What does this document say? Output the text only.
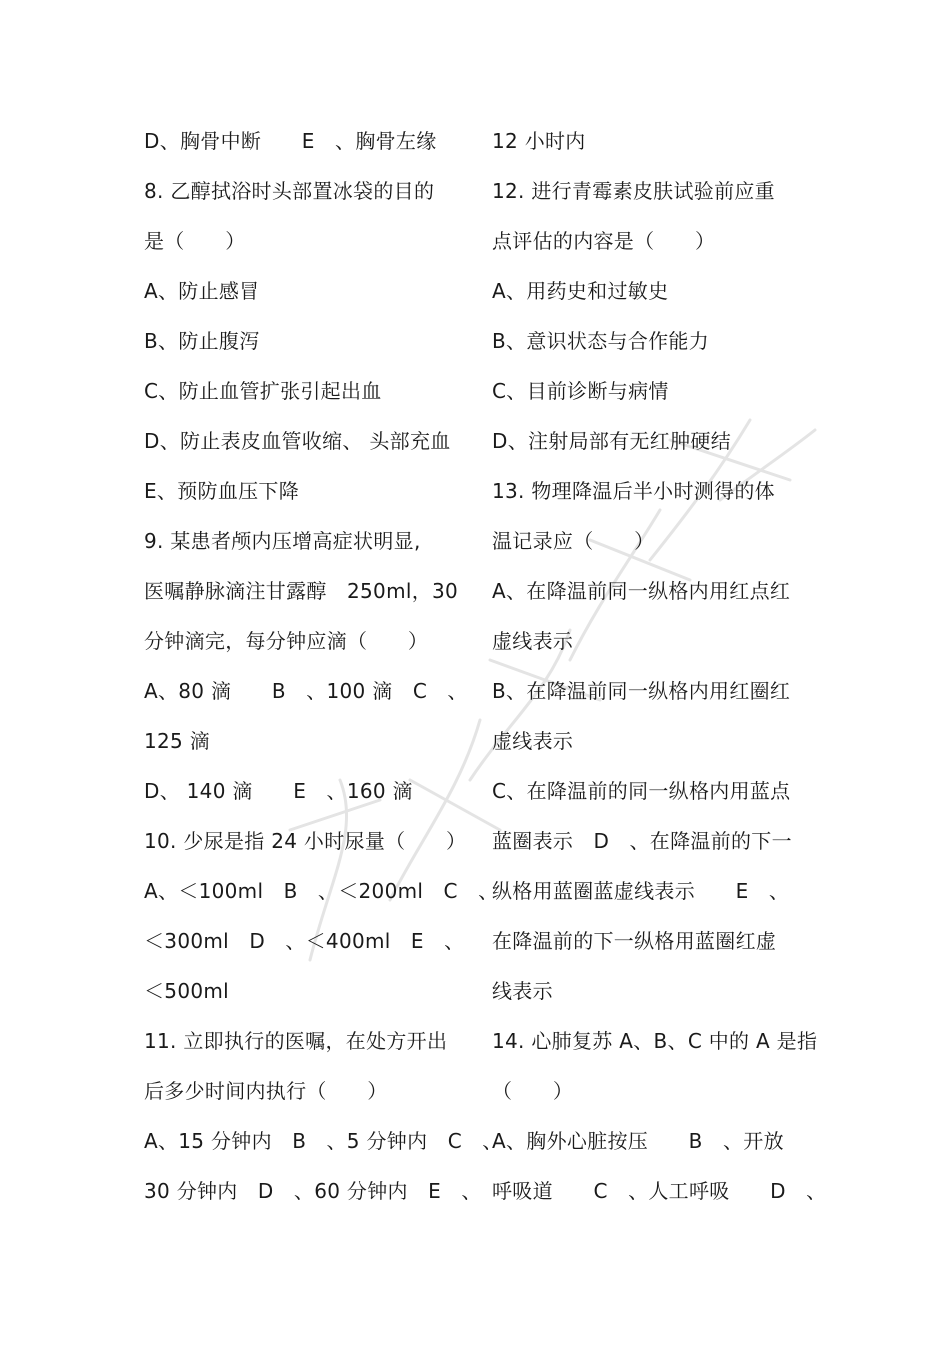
D、胸骨中断　　E　、胸骨左缘
8. 乙醇拭浴时头部置冰袋的目的
是（　　）
A、防止感冒
B、防止腹泻
C、防止血管扩张引起出血
D、防止表皮血管收缩、 头部充血
E、预防血压下降
9. 某患者颅内压增高症状明显,
医嘱静脉滴注甘露醇　250ml，30
分钟滴完，每分钟应滴（　　）
A、80 滴　　B　、100 滴　C　、
125 滴
D、 140 滴　　E　、160 滴
10. 少尿是指 24 小时尿量（　　）
A、＜100ml　B　、＜200ml　C　、
＜300ml　D　、＜400ml　E　、
＜500ml
11. 立即执行的医嘱，在处方开出
后多少时间内执行（　　）
A、15 分钟内　B　、5 分钟内　C　、
30 分钟内　D　、60 分钟内　E　、
12 小时内
12. 进行青霉素皮肤试验前应重
点评估的内容是（　　）
A、用药史和过敏史
B、意识状态与合作能力
C、目前诊断与病情
D、注射局部有无红肿硬结
13. 物理降温后半小时测得的体
温记录应（　　）
A、在降温前同一纵格内用红点红
虚线表示
B、在降温前同一纵格内用红圈红
虚线表示
C、在降温前的同一纵格内用蓝点
蓝圈表示　D　、在降温前的下一
纵格用蓝圈蓝虚线表示　　E　、
在降温前的下一纵格用蓝圈红虚
线表示
14. 心肺复苏 A、B、C 中的 A 是指
（　　）
A、胸外心脏按压　　B　、开放
呼吸道　　C　、人工呼吸　　D　、
